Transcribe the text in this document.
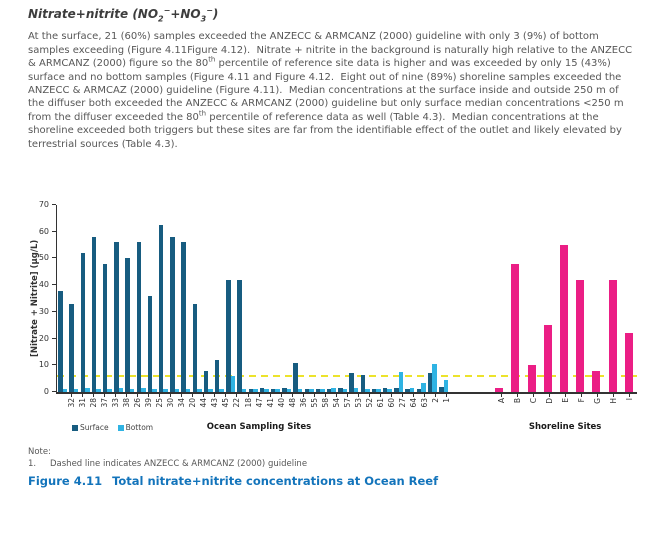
Nitrate+nitrite $(NO_2^-+NO_3^-)$

At the surface, 21 (60%) samples exceeded the ANZECC & ARMCANZ (2000) guideline with only 3 (9%) of bottom samples exceeding (Figure 4.11Figure 4.12).  Nitrate + nitrite in the background is naturally high relative to the ANZECC & ARMCANZ (2000) figure so the 80th percentile of reference site data is higher and was exceeded by only 15 (43%) surface and no bottom samples (Figure 4.11 and Figure 4.12.  Eight out of nine (89%) shoreline samples exceeded the ANZECC & ARMCAZ (2000) guideline (Figure 4.11).  Median concentrations at the surface inside and outside 250 m of the diffuser both exceeded the ANZECC & ARMCANZ (2000) guideline but only surface median concentrations <250 m from the diffuser exceeded the 80th percentile of reference data as well (Table 4.3).  Median concentrations at the shoreline exceeded both triggers but these sites are far from the identifiable effect of the outlet and likely elevated by terrestrial sources (Table 4.3).

[Nitrate + Nitrite] (µg/L)
0
10
20
30
40
50
60
70
32 31 28 37 33 38 26 39 25 30 34 20 44 43 45 22 18 47 41 40 48 36 55 58 54 57 53 52 61 60 27 64 63 2 1	A B C D E F G H I
Surface Bottom	Ocean Sampling Sites	Shoreline Sites
Note:
1.	Dashed line indicates ANZECC & ARMCANZ (2000) guideline
Figure 4.11 Total nitrate+nitrite concentrations at Ocean Reef
